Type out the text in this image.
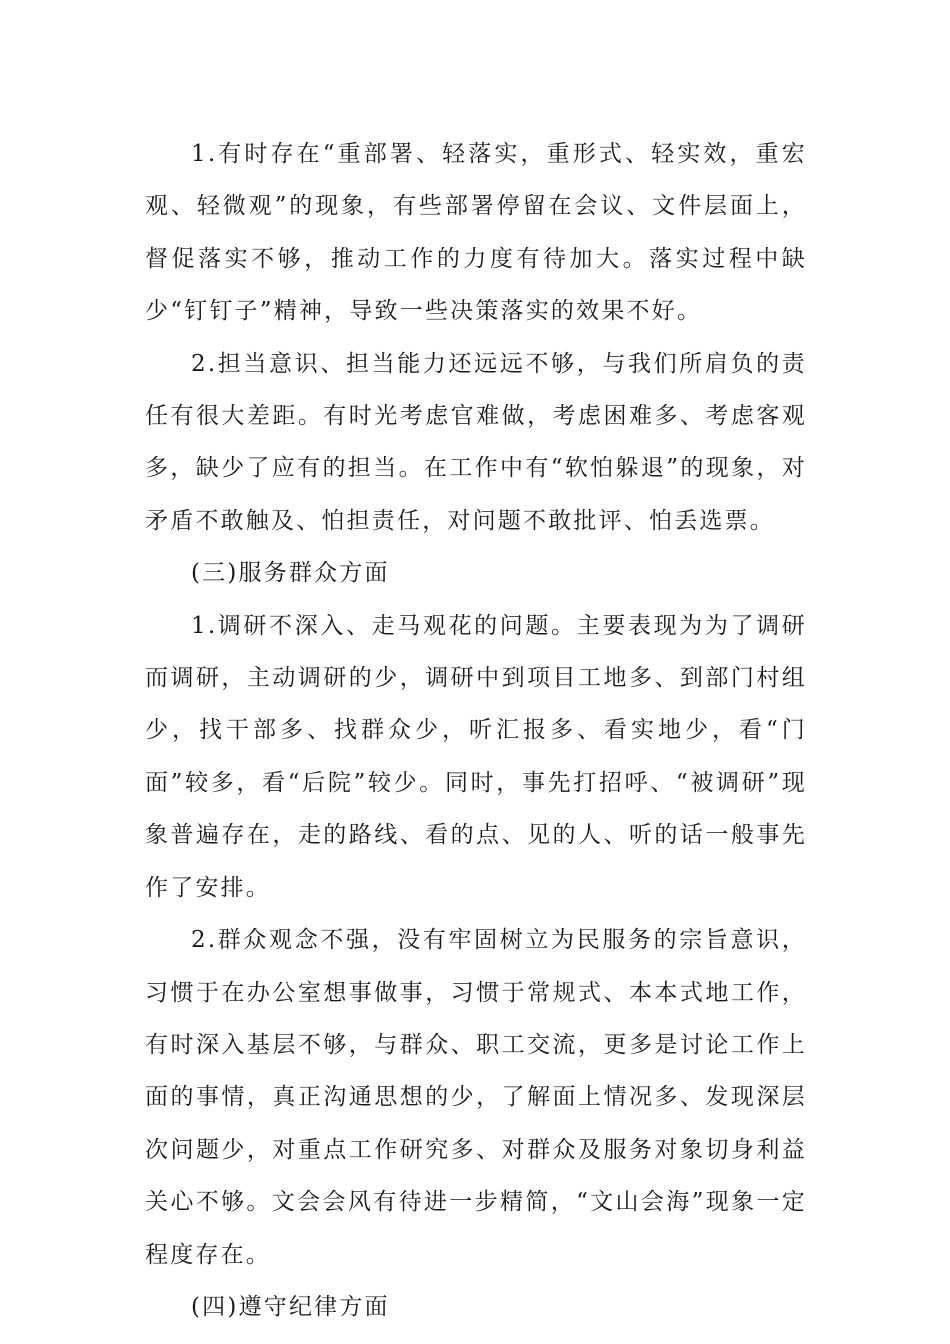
1.有时存在“重部署、轻落实，重形式、轻实效，重宏观、轻微观”的现象，有些部署停留在会议、文件层面上，督促落实不够，推动工作的力度有待加大。落实过程中缺少“钉钉子”精神，导致一些决策落实的效果不好。

2.担当意识、担当能力还远远不够，与我们所肩负的责任有很大差距。有时光考虑官难做，考虑困难多、考虑客观多，缺少了应有的担当。在工作中有“软怕躲退”的现象，对矛盾不敢触及、怕担责任，对问题不敢批评、怕丢选票。

(三)服务群众方面

1.调研不深入、走马观花的问题。主要表现为为了调研而调研，主动调研的少，调研中到项目工地多、到部门村组少，找干部多、找群众少，听汇报多、看实地少，看“门面”较多，看“后院”较少。同时，事先打招呼、“被调研”现象普遍存在，走的路线、看的点、见的人、听的话一般事先作了安排。

2.群众观念不强，没有牢固树立为民服务的宗旨意识，习惯于在办公室想事做事，习惯于常规式、本本式地工作，有时深入基层不够，与群众、职工交流，更多是讨论工作上面的事情，真正沟通思想的少，了解面上情况多、发现深层次问题少，对重点工作研究多、对群众及服务对象切身利益关心不够。文会会风有待进一步精简，“文山会海”现象一定程度存在。

(四)遵守纪律方面
